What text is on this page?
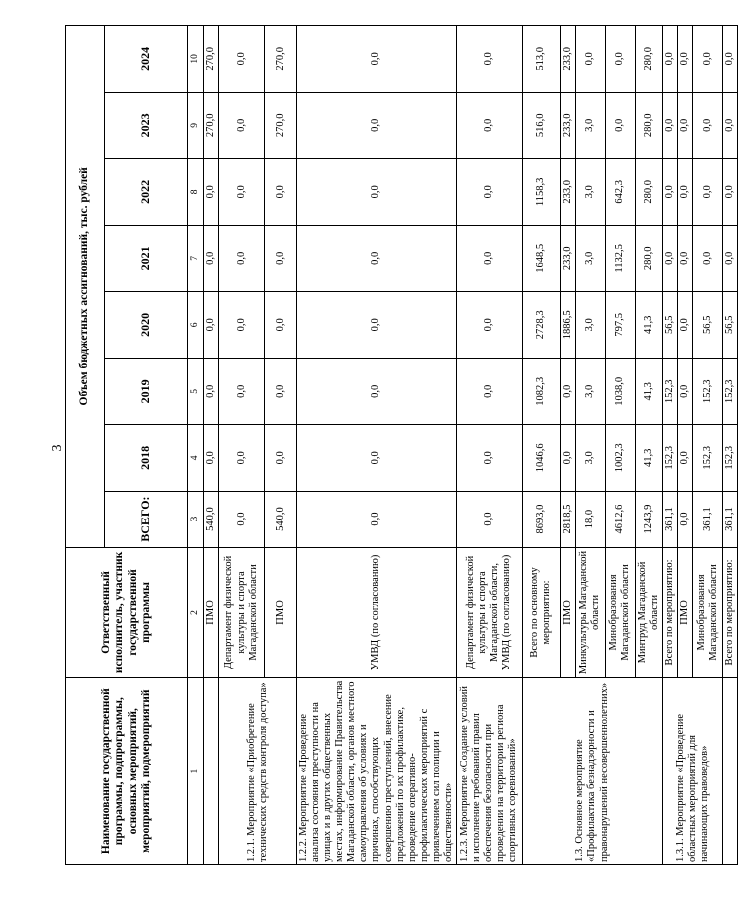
3
Наименование государственной программы, подпрограммы, основных мероприятий, мероприятий, подмероприятий	Ответственный исполнитель, участник государственной программы	Объем бюджетных ассигнований, тыс. рублей							
		ВСЕГО:	2018	2019	2020	2021	2022	2023	2024
1	2	3	4	5	6	7	8	9	10
	ПМО	540,0	0,0	0,0	0,0	0,0	0,0	270,0	270,0
1.2.1. Мероприятие «Приобретение технических средств контроля доступа»	Департамент физической культуры и спорта Магаданской области	0,0	0,0	0,0	0,0	0,0	0,0	0,0	0,0
	ПМО	540,0	0,0	0,0	0,0	0,0	0,0	270,0	270,0
1.2.2. Мероприятие «Проведение анализа состояния преступности на улицах и в других общественных местах, информирование Правительства Магаданской области, органов местного самоуправления об условиях и причинах, способствующих совершению преступлений, внесение предложений по их профилактике, проведение оперативно-профилактических мероприятий с привлечением сил полиции и общественности»	УМВД (по согласованию)	0,0	0,0	0,0	0,0	0,0	0,0	0,0	0,0
1.2.3. Мероприятие «Создание условий и исполнение требований правил обеспечения безопасности при проведении на территории региона спортивных соревнований»	Департамент физической культуры и спорта Магаданской области, УМВД (по согласованию)	0,0	0,0	0,0	0,0	0,0	0,0	0,0	0,0
1.3. Основное мероприятие «Профилактика безнадзорности и правонарушений несовершеннолетних»	Всего по основному мероприятию:	8693,0	1046,6	1082,3	2728,3	1648,5	1158,3	516,0	513,0
	ПМО	2818,5	0,0	0,0	1886,5	233,0	233,0	233,0	233,0
	Минкультуры Магаданской области	18,0	3,0	3,0	3,0	3,0	3,0	3,0	0,0
	Минобразования Магаданской области	4612,6	1002,3	1038,0	797,5	1132,5	642,3	0,0	0,0
	Минтруд Магаданской области	1243,9	41,3	41,3	41,3	280,0	280,0	280,0	280,0
1.3.1. Мероприятие «Проведение областных мероприятий для начинающих правоведов»	Всего по мероприятию:	361,1	152,3	152,3	56,5	0,0	0,0	0,0	0,0
	ПМО	0,0	0,0	0,0	0,0	0,0	0,0	0,0	0,0
	Минобразования Магаданской области	361,1	152,3	152,3	56,5	0,0	0,0	0,0	0,0
	Всего по мероприятию:	361,1	152,3	152,3	56,5	0,0	0,0	0,0	0,0
